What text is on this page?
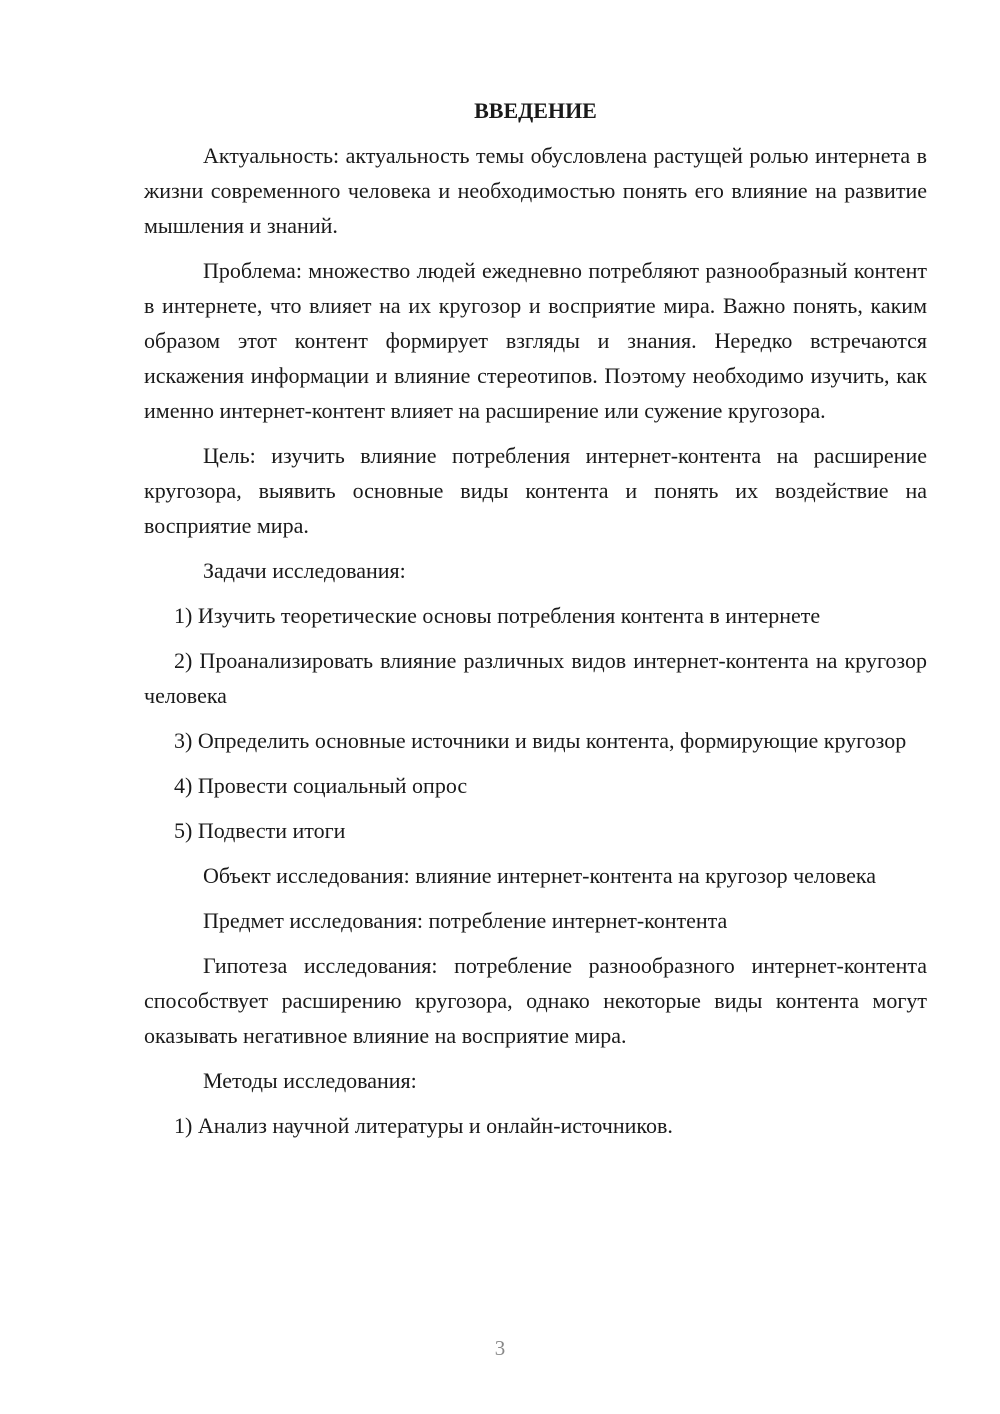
ВВЕДЕНИЕ

Актуальность: актуальность темы обусловлена растущей ролью интернета в жизни современного человека и необходимостью понять его влияние на развитие мышления и знаний.

Проблема: множество людей ежедневно потребляют разнообразный контент в интернете, что влияет на их кругозор и восприятие мира. Важно понять, каким образом этот контент формирует взгляды и знания. Нередко встречаются искажения информации и влияние стереотипов. Поэтому необходимо изучить, как именно интернет-контент влияет на расширение или сужение кругозора.

Цель: изучить влияние потребления интернет-контента на расширение кругозора, выявить основные виды контента и понять их воздействие на восприятие мира.

Задачи исследования:

1) Изучить теоретические основы потребления контента в интернете

2) Проанализировать влияние различных видов интернет-контента на кругозор человека

3) Определить основные источники и виды контента, формирующие кругозор

4) Провести социальный опрос

5) Подвести итоги

Объект исследования: влияние интернет-контента на кругозор человека

Предмет исследования: потребление интернет-контента

Гипотеза исследования: потребление разнообразного интернет-контента способствует расширению кругозора, однако некоторые виды контента могут оказывать негативное влияние на восприятие мира.

Методы исследования:

1) Анализ научной литературы и онлайн-источников.

3
